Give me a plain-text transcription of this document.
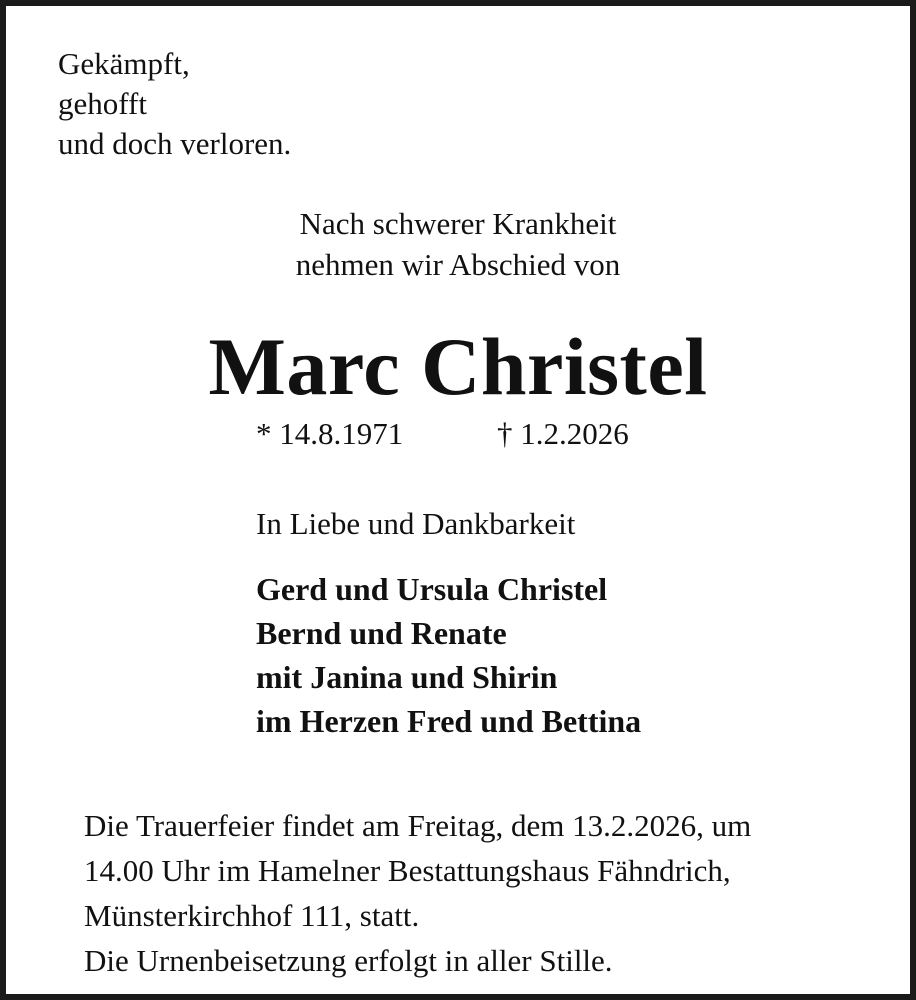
Gekämpft,
gehofft
und doch verloren.
Nach schwerer Krankheit
nehmen wir Abschied von
Marc Christel
* 14.8.1971	† 1.2.2026
In Liebe und Dankbarkeit
Gerd und Ursula Christel
Bernd und Renate
mit Janina und Shirin
im Herzen Fred und Bettina
Die Trauerfeier findet am Freitag, dem 13.2.2026, um
14.00 Uhr im Hamelner Bestattungshaus Fähndrich,
Münsterkirchhof 111, statt.
Die Urnenbeisetzung erfolgt in aller Stille.
